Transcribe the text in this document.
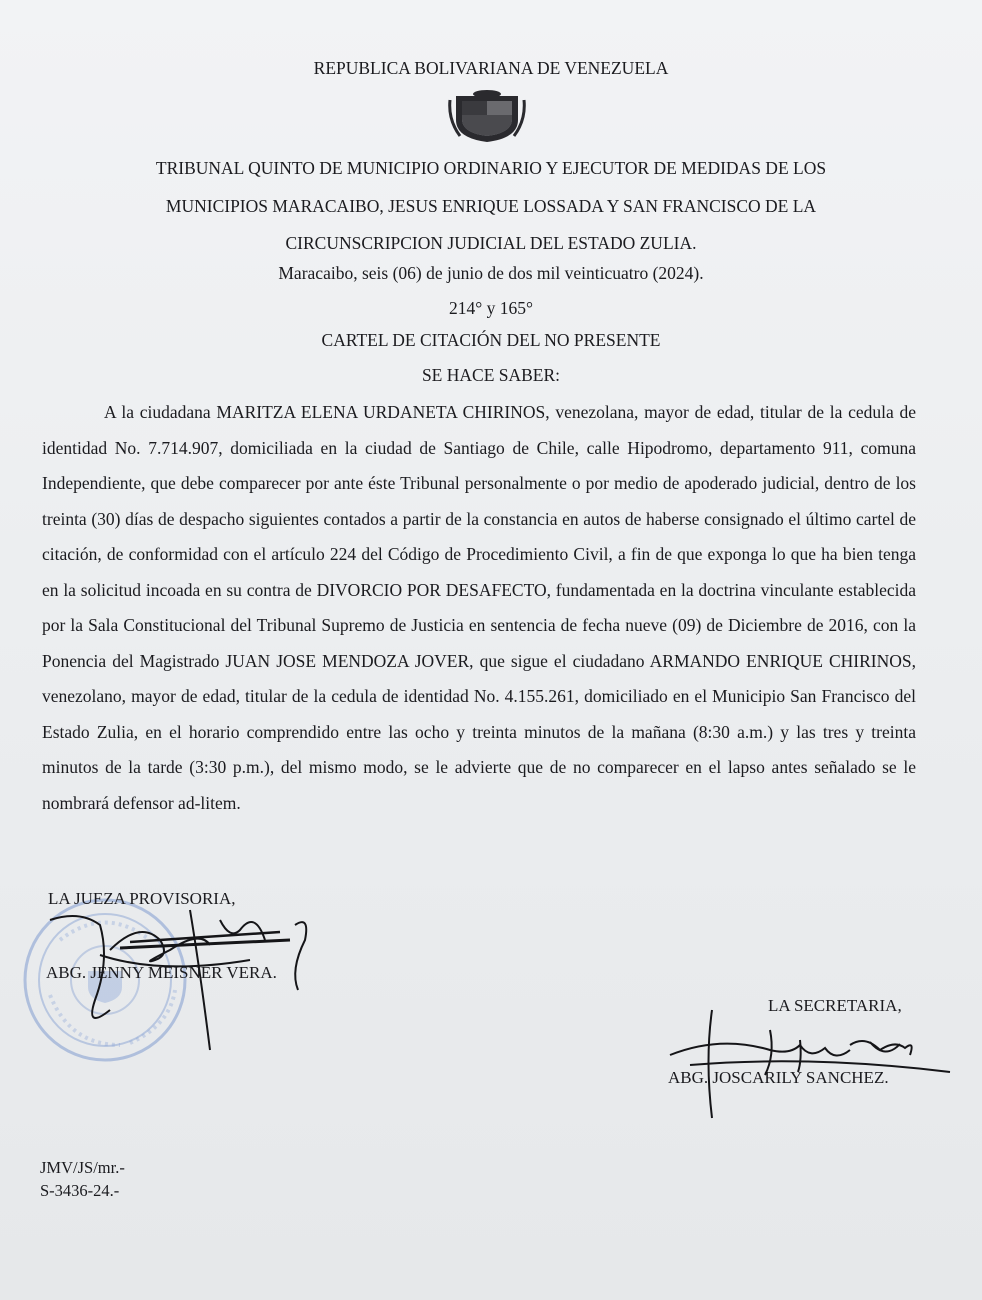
REPUBLICA BOLIVARIANA DE VENEZUELA
TRIBUNAL QUINTO DE MUNICIPIO ORDINARIO Y EJECUTOR DE MEDIDAS DE LOS
MUNICIPIOS MARACAIBO, JESUS ENRIQUE LOSSADA Y SAN FRANCISCO DE LA
CIRCUNSCRIPCION JUDICIAL DEL ESTADO ZULIA.
Maracaibo, seis (06) de junio de dos mil veinticuatro (2024).
214° y 165°
CARTEL DE CITACIÓN DEL NO PRESENTE
SE HACE SABER:

A la ciudadana MARITZA ELENA URDANETA CHIRINOS, venezolana, mayor de edad, titular de la cedula de identidad No. 7.714.907, domiciliada en la ciudad de Santiago de Chile, calle Hipodromo, departamento 911, comuna Independiente, que debe comparecer por ante éste Tribunal personalmente o por medio de apoderado judicial, dentro de los treinta (30) días de despacho siguientes contados a partir de la constancia en autos de haberse consignado el último cartel de citación, de conformidad con el artículo 224 del Código de Procedimiento Civil, a fin de que exponga lo que ha bien tenga en la solicitud incoada en su contra de DIVORCIO POR DESAFECTO, fundamentada en la doctrina vinculante establecida por la Sala Constitucional del Tribunal Supremo de Justicia en sentencia de fecha nueve (09) de Diciembre de 2016, con la Ponencia del Magistrado JUAN JOSE MENDOZA JOVER, que sigue el ciudadano ARMANDO ENRIQUE CHIRINOS, venezolano, mayor de edad, titular de la cedula de identidad No. 4.155.261, domiciliado en el Municipio San Francisco del Estado Zulia, en el horario comprendido entre las ocho y treinta minutos de la mañana (8:30 a.m.) y las tres y treinta minutos de la tarde (3:30 p.m.), del mismo modo, se le advierte que de no comparecer en el lapso antes señalado se le nombrará defensor ad-litem.

LA JUEZA PROVISORIA,
ABG. JENNY MEISNER VERA.
LA SECRETARIA,
ABG. JOSCARILY SANCHEZ.
JMV/JS/mr.-
S-3436-24.-
